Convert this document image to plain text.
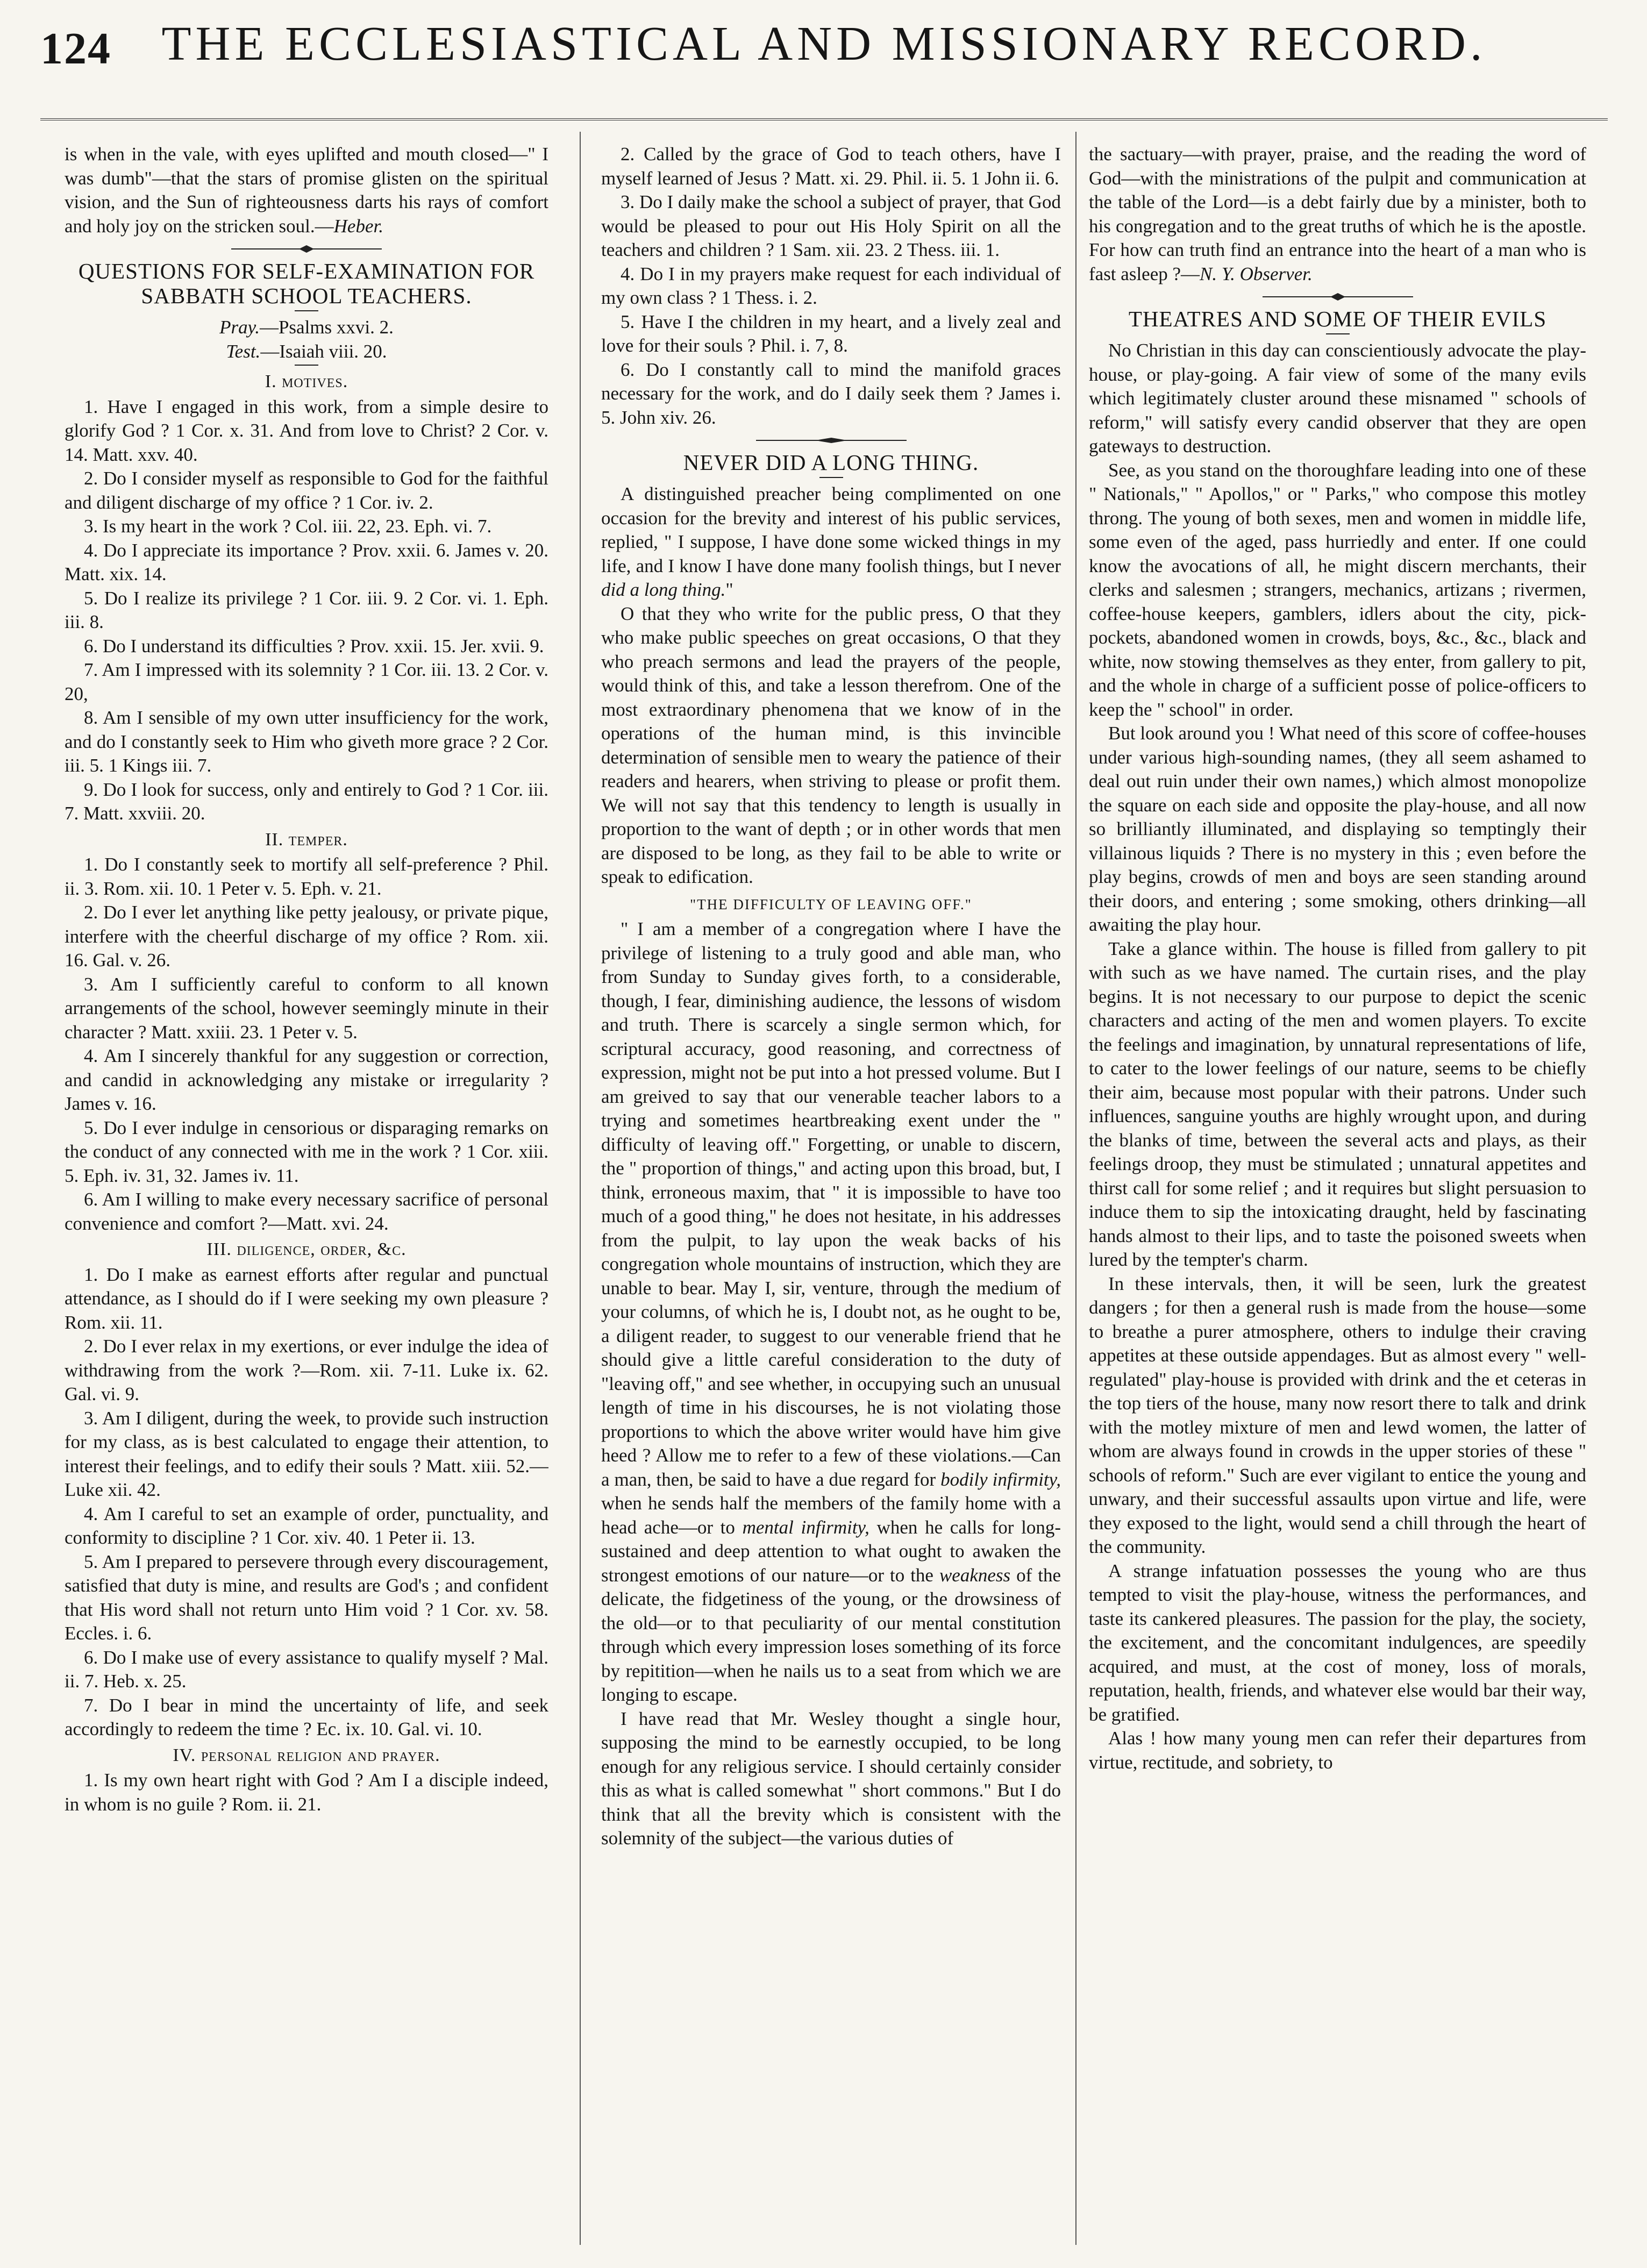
124	THE ECCLESIASTICAL AND MISSIONARY RECORD.

is when in the vale, with eyes uplifted and mouth closed—" I was dumb"—that the stars of promise glisten on the spiritual vision, and the Sun of righteousness darts his rays of comfort and holy joy on the stricken soul.—Heber.

QUESTIONS FOR SELF-EXAMINATION FOR SABBATH SCHOOL TEACHERS.

Pray.—Psalms xxvi. 2.

Test.—Isaiah viii. 20.

I. motives.

1. Have I engaged in this work, from a simple desire to glorify God ? 1 Cor. x. 31. And from love to Christ? 2 Cor. v. 14. Matt. xxv. 40.

2. Do I consider myself as responsible to God for the faithful and diligent discharge of my office ? 1 Cor. iv. 2.

3. Is my heart in the work ? Col. iii. 22, 23. Eph. vi. 7.

4. Do I appreciate its importance ? Prov. xxii. 6. James v. 20. Matt. xix. 14.

5. Do I realize its privilege ? 1 Cor. iii. 9. 2 Cor. vi. 1. Eph. iii. 8.

6. Do I understand its difficulties ? Prov. xxii. 15. Jer. xvii. 9.

7. Am I impressed with its solemnity ? 1 Cor. iii. 13. 2 Cor. v. 20,

8. Am I sensible of my own utter insufficiency for the work, and do I constantly seek to Him who giveth more grace ? 2 Cor. iii. 5. 1 Kings iii. 7.

9. Do I look for success, only and entirely to God ? 1 Cor. iii. 7. Matt. xxviii. 20.

II. temper.

1. Do I constantly seek to mortify all self-preference ? Phil. ii. 3. Rom. xii. 10. 1 Peter v. 5. Eph. v. 21.

2. Do I ever let anything like petty jealousy, or private pique, interfere with the cheerful discharge of my office ? Rom. xii. 16. Gal. v. 26.

3. Am I sufficiently careful to conform to all known arrangements of the school, however seemingly minute in their character ? Matt. xxiii. 23. 1 Peter v. 5.

4. Am I sincerely thankful for any suggestion or correction, and candid in acknowledging any mistake or irregularity ? James v. 16.

5. Do I ever indulge in censorious or disparaging remarks on the conduct of any connected with me in the work ? 1 Cor. xiii. 5. Eph. iv. 31, 32. James iv. 11.

6. Am I willing to make every necessary sacrifice of personal convenience and comfort ?—Matt. xvi. 24.

III. diligence, order, &c.

1. Do I make as earnest efforts after regular and punctual attendance, as I should do if I were seeking my own pleasure ? Rom. xii. 11.

2. Do I ever relax in my exertions, or ever indulge the idea of withdrawing from the work ?—Rom. xii. 7-11. Luke ix. 62. Gal. vi. 9.

3. Am I diligent, during the week, to provide such instruction for my class, as is best calculated to engage their attention, to interest their feelings, and to edify their souls ? Matt. xiii. 52.—Luke xii. 42.

4. Am I careful to set an example of order, punctuality, and conformity to discipline ? 1 Cor. xiv. 40. 1 Peter ii. 13.

5. Am I prepared to persevere through every discouragement, satisfied that duty is mine, and results are God's ; and confident that His word shall not return unto Him void ? 1 Cor. xv. 58. Eccles. i. 6.

6. Do I make use of every assistance to qualify myself ? Mal. ii. 7. Heb. x. 25.

7. Do I bear in mind the uncertainty of life, and seek accordingly to redeem the time ? Ec. ix. 10. Gal. vi. 10.

IV. personal religion and prayer.

1. Is my own heart right with God ? Am I a disciple indeed, in whom is no guile ? Rom. ii. 21.

2. Called by the grace of God to teach others, have I myself learned of Jesus ? Matt. xi. 29. Phil. ii. 5. 1 John ii. 6.

3. Do I daily make the school a subject of prayer, that God would be pleased to pour out His Holy Spirit on all the teachers and children ? 1 Sam. xii. 23. 2 Thess. iii. 1.

4. Do I in my prayers make request for each individual of my own class ? 1 Thess. i. 2.

5. Have I the children in my heart, and a lively zeal and love for their souls ? Phil. i. 7, 8.

6. Do I constantly call to mind the manifold graces necessary for the work, and do I daily seek them ? James i. 5. John xiv. 26.

NEVER DID A LONG THING.

A distinguished preacher being complimented on one occasion for the brevity and interest of his public services, replied, " I suppose, I have done some wicked things in my life, and I know I have done many foolish things, but I never did a long thing."

O that they who write for the public press, O that they who make public speeches on great occasions, O that they who preach sermons and lead the prayers of the people, would think of this, and take a lesson therefrom. One of the most extraordinary phenomena that we know of in the operations of the human mind, is this invincible determination of sensible men to weary the patience of their readers and hearers, when striving to please or profit them. We will not say that this tendency to length is usually in proportion to the want of depth ; or in other words that men are disposed to be long, as they fail to be able to write or speak to edification.

"THE DIFFICULTY OF LEAVING OFF."

" I am a member of a congregation where I have the privilege of listening to a truly good and able man, who from Sunday to Sunday gives forth, to a considerable, though, I fear, diminishing audience, the lessons of wisdom and truth. There is scarcely a single sermon which, for scriptural accuracy, good reasoning, and correctness of expression, might not be put into a hot pressed volume. But I am greived to say that our venerable teacher labors to a trying and sometimes heartbreaking exent under the " difficulty of leaving off." Forgetting, or unable to discern, the " proportion of things," and acting upon this broad, but, I think, erroneous maxim, that " it is impossible to have too much of a good thing," he does not hesitate, in his addresses from the pulpit, to lay upon the weak backs of his congregation whole mountains of instruction, which they are unable to bear. May I, sir, venture, through the medium of your columns, of which he is, I doubt not, as he ought to be, a diligent reader, to suggest to our venerable friend that he should give a little careful consideration to the duty of "leaving off," and see whether, in occupying such an unusual length of time in his discourses, he is not violating those proportions to which the above writer would have him give heed ? Allow me to refer to a few of these violations.—Can a man, then, be said to have a due regard for bodily infirmity, when he sends half the members of the family home with a head ache—or to mental infirmity, when he calls for long-sustained and deep attention to what ought to awaken the strongest emotions of our nature—or to the weakness of the delicate, the fidgetiness of the young, or the drowsiness of the old—or to that peculiarity of our mental constitution through which every impression loses something of its force by repitition—when he nails us to a seat from which we are longing to escape.

I have read that Mr. Wesley thought a single hour, supposing the mind to be earnestly occupied, to be long enough for any religious service. I should certainly consider this as what is called somewhat " short commons." But I do think that all the brevity which is consistent with the solemnity of the subject—the various duties of

the sactuary—with prayer, praise, and the reading the word of God—with the ministrations of the pulpit and communication at the table of the Lord—is a debt fairly due by a minister, both to his congregation and to the great truths of which he is the apostle. For how can truth find an entrance into the heart of a man who is fast asleep ?—N. Y. Observer.

THEATRES AND SOME OF THEIR EVILS

No Christian in this day can conscientiously advocate the play-house, or play-going. A fair view of some of the many evils which legitimately cluster around these misnamed " schools of reform," will satisfy every candid observer that they are open gateways to destruction.

See, as you stand on the thoroughfare leading into one of these " Nationals," " Apollos," or " Parks," who compose this motley throng. The young of both sexes, men and women in middle life, some even of the aged, pass hurriedly and enter. If one could know the avocations of all, he might discern merchants, their clerks and salesmen ; strangers, mechanics, artizans ; rivermen, coffee-house keepers, gamblers, idlers about the city, pick-pockets, abandoned women in crowds, boys, &c., &c., black and white, now stowing themselves as they enter, from gallery to pit, and the whole in charge of a sufficient posse of police-officers to keep the " school" in order.

But look around you ! What need of this score of coffee-houses under various high-sounding names, (they all seem ashamed to deal out ruin under their own names,) which almost monopolize the square on each side and opposite the play-house, and all now so brilliantly illuminated, and displaying so temptingly their villainous liquids ? There is no mystery in this ; even before the play begins, crowds of men and boys are seen standing around their doors, and entering ; some smoking, others drinking—all awaiting the play hour.

Take a glance within. The house is filled from gallery to pit with such as we have named. The curtain rises, and the play begins. It is not necessary to our purpose to depict the scenic characters and acting of the men and women players. To excite the feelings and imagination, by unnatural representations of life, to cater to the lower feelings of our nature, seems to be chiefly their aim, because most popular with their patrons. Under such influences, sanguine youths are highly wrought upon, and during the blanks of time, between the several acts and plays, as their feelings droop, they must be stimulated ; unnatural appetites and thirst call for some relief ; and it requires but slight persuasion to induce them to sip the intoxicating draught, held by fascinating hands almost to their lips, and to taste the poisoned sweets when lured by the tempter's charm.

In these intervals, then, it will be seen, lurk the greatest dangers ; for then a general rush is made from the house—some to breathe a purer atmosphere, others to indulge their craving appetites at these outside appendages. But as almost every " well-regulated" play-house is provided with drink and the et ceteras in the top tiers of the house, many now resort there to talk and drink with the motley mixture of men and lewd women, the latter of whom are always found in crowds in the upper stories of these " schools of reform." Such are ever vigilant to entice the young and unwary, and their successful assaults upon virtue and life, were they exposed to the light, would send a chill through the heart of the community.

A strange infatuation possesses the young who are thus tempted to visit the play-house, witness the performances, and taste its cankered pleasures. The passion for the play, the society, the excitement, and the concomitant indulgences, are speedily acquired, and must, at the cost of money, loss of morals, reputation, health, friends, and whatever else would bar their way, be gratified.

Alas ! how many young men can refer their departures from virtue, rectitude, and sobriety, to
